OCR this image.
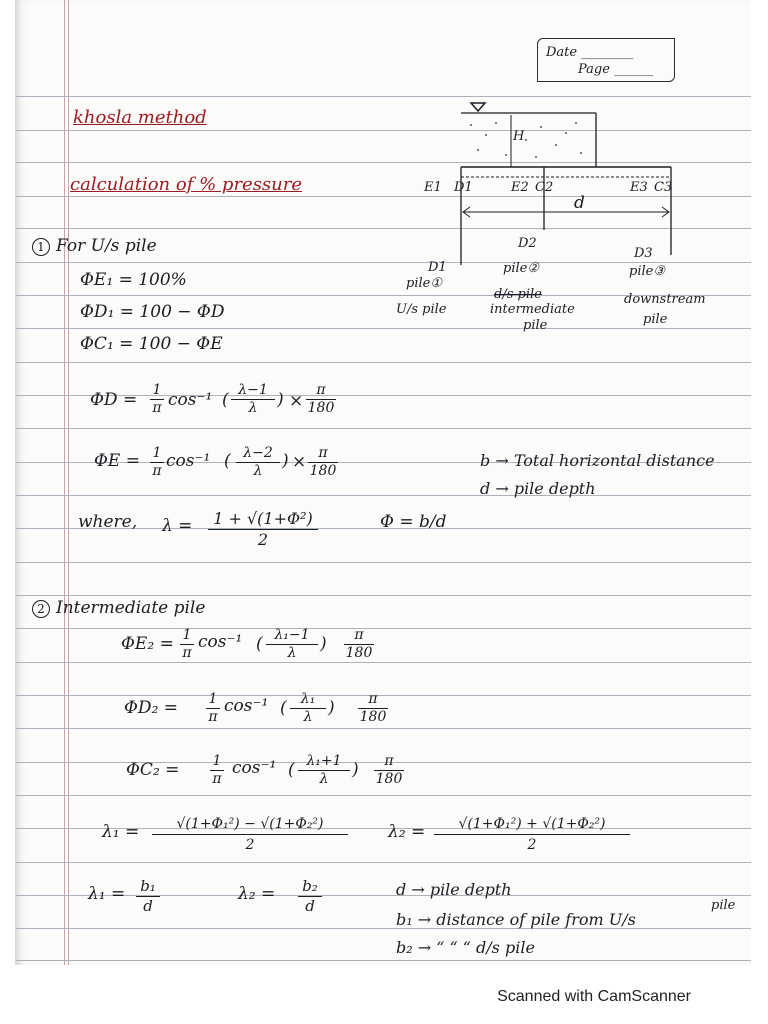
Date ________
Page ______
khosla method
calculation of % pressure
H
E1 D1	E2 C2	E3 C3
d
D2
D1
D3
pile①
U/s pile
pile②
d/s pile
intermediate
pile
pile③
downstream
pile
1 For U/s pile
ΦE₁ = 100%
ΦD₁ = 100 − ΦD
ΦC₁ = 100 − ΦE
ΦD = 1
π cos⁻¹ ( λ−1
λ	) ×
π
180
ΦE = 1
π cos⁻¹ ( λ−2
λ	) × π
180
b → Total horizontal distance
d → pile depth
where, λ =	1 + √(1+Φ²)
2
Φ = b/d
2 Intermediate pile
ΦE₂ = 1
π
cos⁻¹ ( λ₁−1
λ	)	π
180
ΦD₂ = 1
π
cos⁻¹ (	λ₁
λ )	π
180
ΦC₂ = 1
π
cos⁻¹ ( λ₁+1
λ	)	π
180
λ₁ =	√(1+Φ₁²) − √(1+Φ₂²)
2
λ₂ =	√(1+Φ₁²) + √(1+Φ₂²)
2
λ₁ = b₁
d
λ₂ = b₂
d
d → pile depth
b₁ → distance of pile from U/s
pile
b₂ → “ “ “ d/s pile
Scanned with CamScanner
